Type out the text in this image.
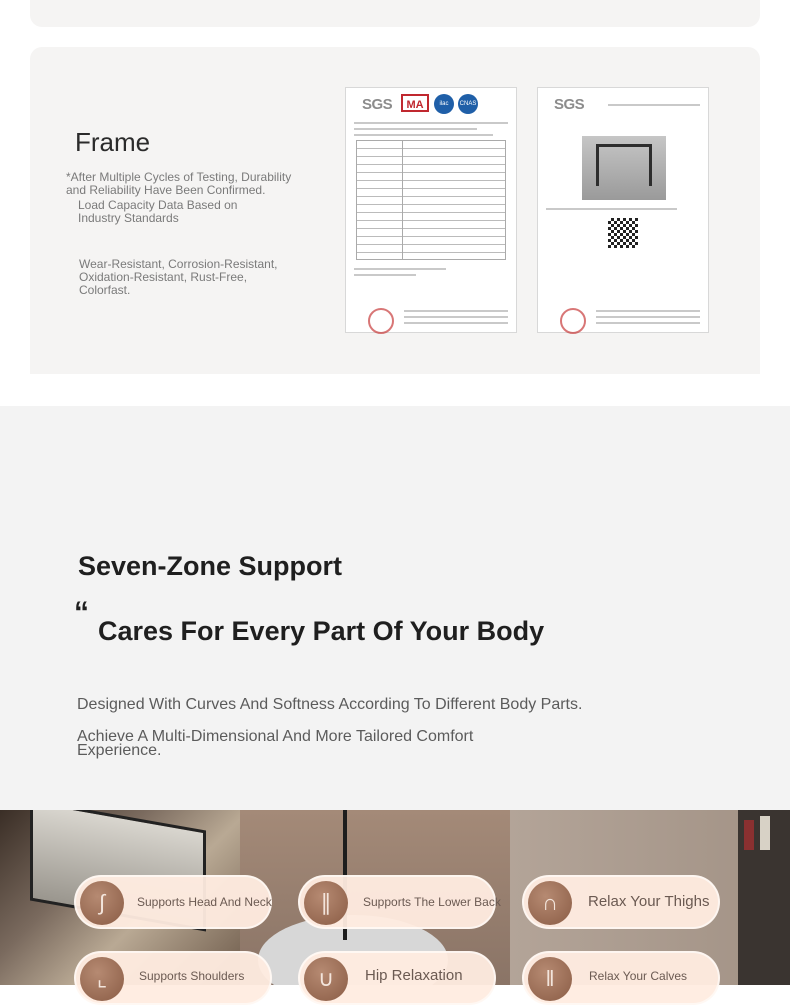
Frame
*After Multiple Cycles of Testing, Durability and Reliability Have Been Confirmed.
Load Capacity Data Based on Industry Standards
Wear-Resistant, Corrosion-Resistant, Oxidation-Resistant, Rust-Free, Colorfast.
SGS	MA	ilac	CNAS	SGS
Seven-Zone Support
“
Cares For Every Part Of Your Body
Designed With Curves And Softness According To Different Body Parts.
Achieve A Multi-Dimensional And More Tailored Comfort Experience.
∫	Supports Head And Neck	∥	Supports The Lower Back	∩	Relax Your Thighs
⌞	Supports Shoulders	∪	Hip Relaxation	‖	Relax Your Calves
